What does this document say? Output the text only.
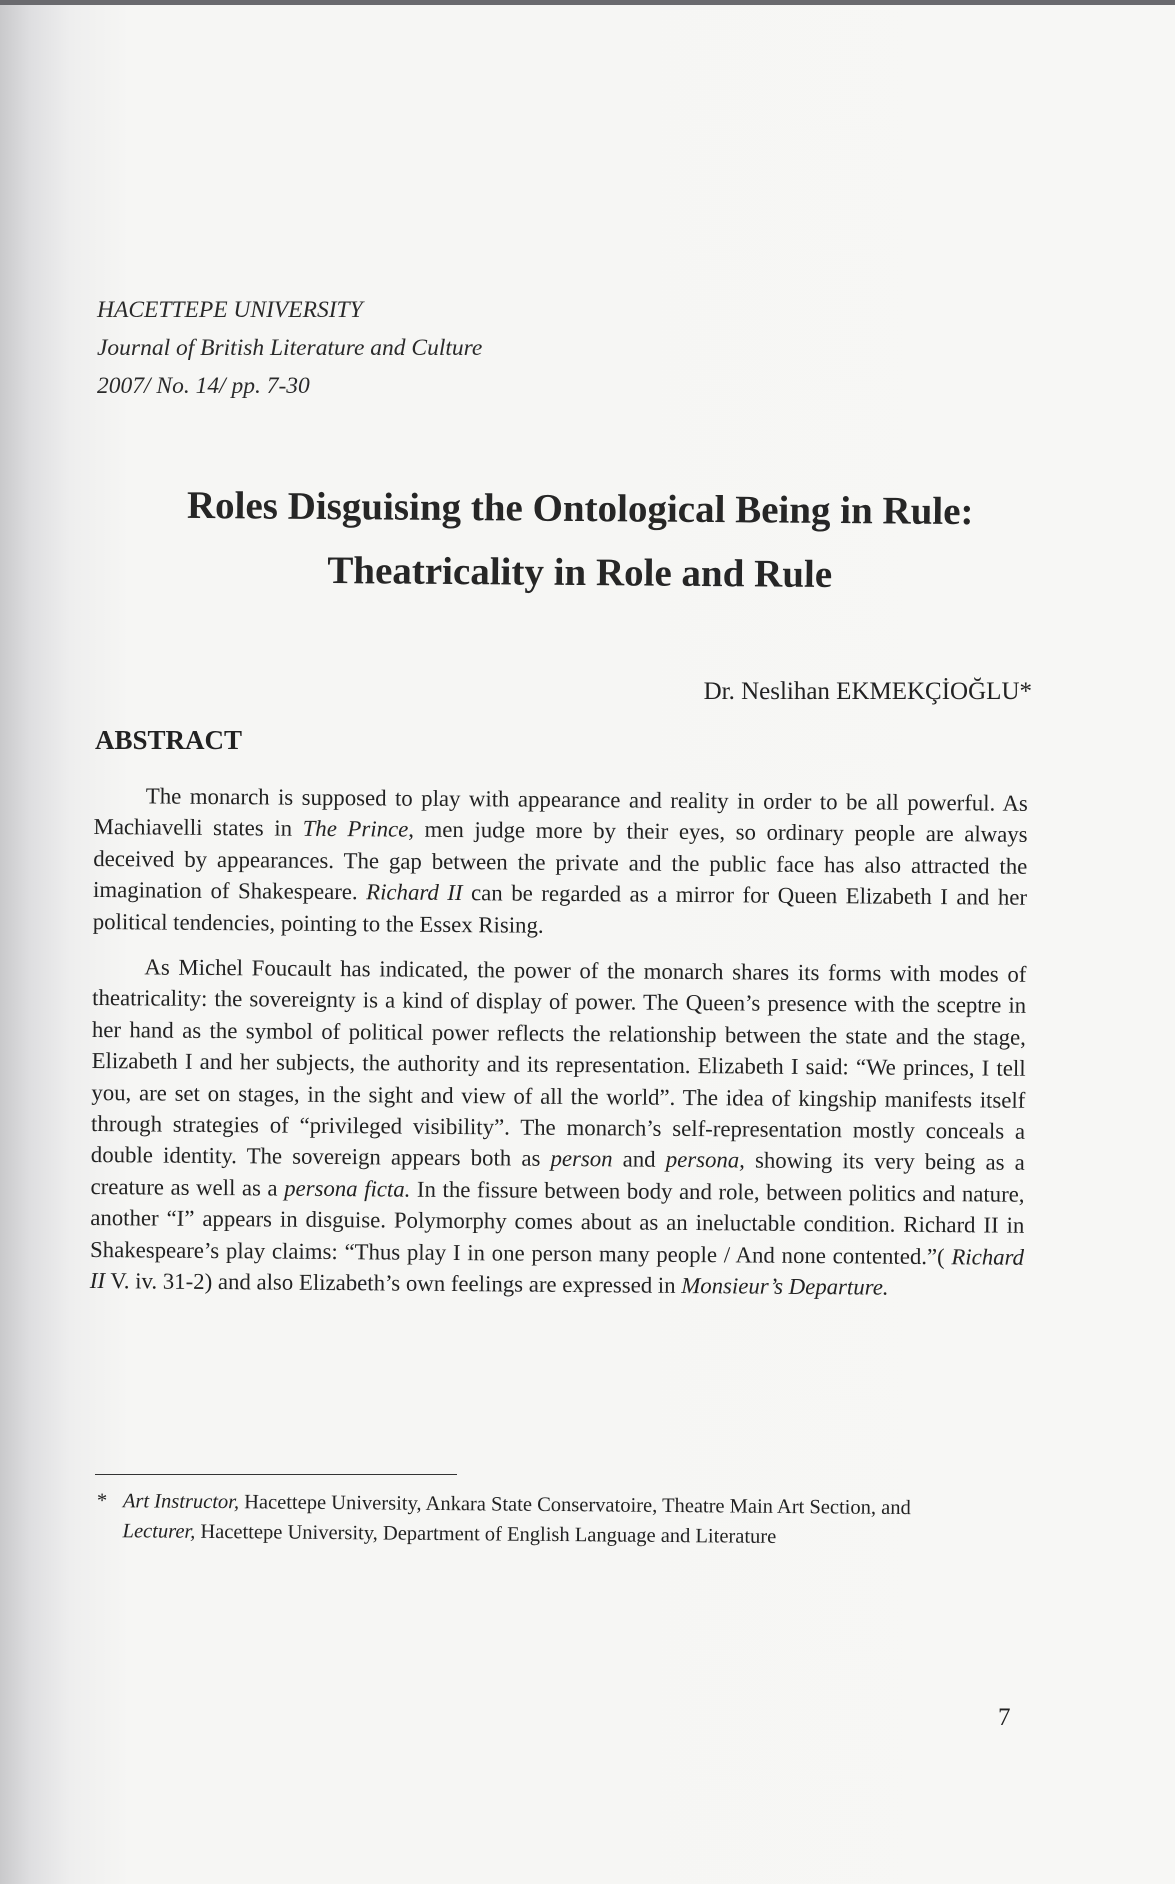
HACETTEPE UNIVERSITY
Journal of British Literature and Culture
2007/ No. 14/ pp. 7-30
Roles Disguising the Ontological Being in Rule:
Theatricality in Role and Rule
Dr. Neslihan EKMEKÇİOĞLU*
ABSTRACT

The monarch is supposed to play with appearance and reality in order to be all powerful. As Machiavelli states in The Prince, men judge more by their eyes, so ordinary people are always deceived by appearances. The gap between the private and the public face has also attracted the imagination of Shakespeare. Richard II can be regarded as a mirror for Queen Elizabeth I and her political tendencies, pointing to the Essex Rising.

As Michel Foucault has indicated, the power of the monarch shares its forms with modes of theatricality: the sovereignty is a kind of display of power. The Queen’s presence with the sceptre in her hand as the symbol of political power reflects the relationship between the state and the stage, Elizabeth I and her subjects, the authority and its representation. Elizabeth I said: “We princes, I tell you, are set on stages, in the sight and view of all the world”. The idea of kingship manifests itself through strategies of “privileged visibility”. The monarch’s self-representation mostly conceals a double identity. The sovereign appears both as person and persona, showing its very being as a creature as well as a persona ficta. In the fissure between body and role, between politics and nature, another “I” appears in disguise. Polymorphy comes about as an ineluctable condition. Richard II in Shakespeare’s play claims: “Thus play I in one person many people / And none contented.”( Richard II V. iv. 31-2) and also Elizabeth’s own feelings are expressed in Monsieur’s Departure.

* Art Instructor, Hacettepe University, Ankara State Conservatoire, Theatre Main Art Section, and
Lecturer, Hacettepe University, Department of English Language and Literature
7
